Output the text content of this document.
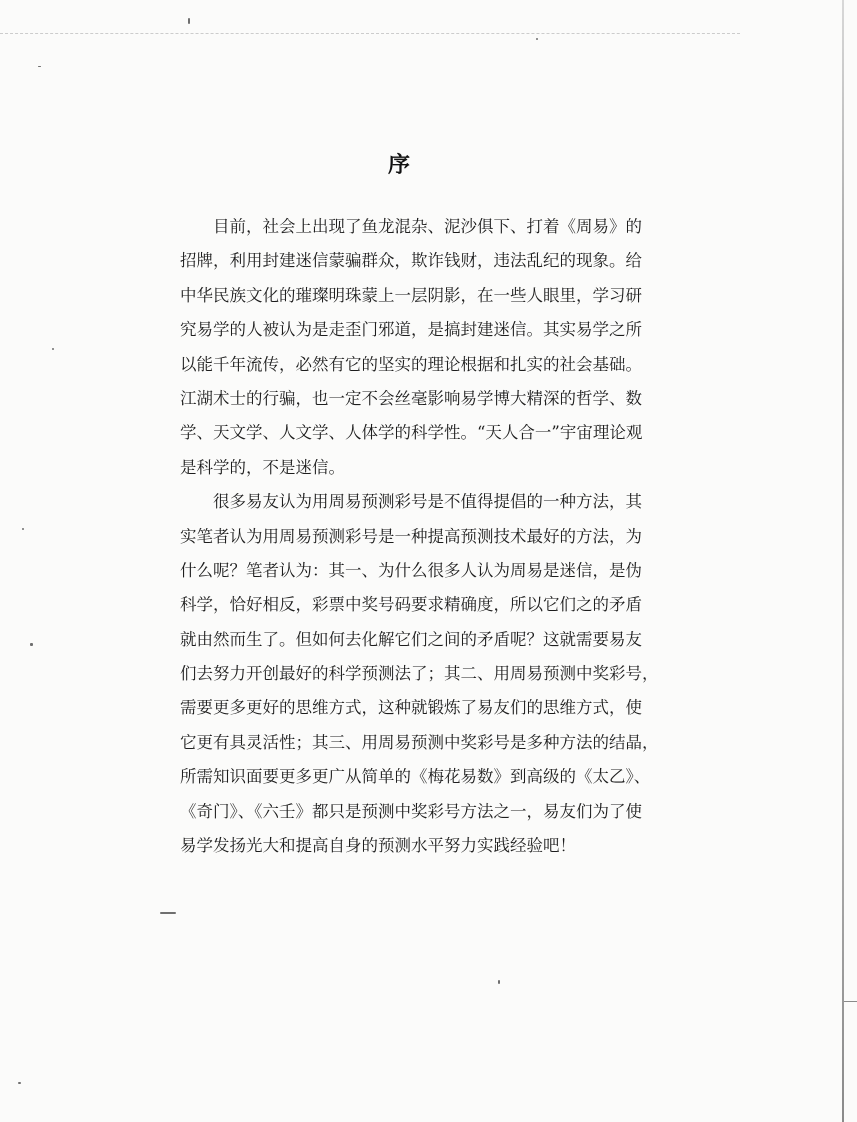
序
目前，社会上出现了鱼龙混杂、泥沙俱下、打着《周易》的
招牌，利用封建迷信蒙骗群众，欺诈钱财，违法乱纪的现象。给
中华民族文化的璀璨明珠蒙上一层阴影，在一些人眼里，学习研
究易学的人被认为是走歪门邪道，是搞封建迷信。其实易学之所
以能千年流传，必然有它的坚实的理论根据和扎实的社会基础。
江湖术士的行骗，也一定不会丝毫影响易学博大精深的哲学、数
学、天文学、人文学、人体学的科学性。“天人合一”宇宙理论观
是科学的，不是迷信。
很多易友认为用周易预测彩号是不值得提倡的一种方法，其
实笔者认为用周易预测彩号是一种提高预测技术最好的方法，为
什么呢？笔者认为：其一、为什么很多人认为周易是迷信，是伪
科学，恰好相反，彩票中奖号码要求精确度，所以它们之的矛盾
就由然而生了。但如何去化解它们之间的矛盾呢？这就需要易友
们去努力开创最好的科学预测法了；其二、用周易预测中奖彩号，
需要更多更好的思维方式，这种就锻炼了易友们的思维方式，使
它更有具灵活性；其三、用周易预测中奖彩号是多种方法的结晶，
所需知识面要更多更广从简单的《梅花易数》到高级的《太乙》、
《奇门》、《六壬》都只是预测中奖彩号方法之一，易友们为了使
易学发扬光大和提高自身的预测水平努力实践经验吧！
